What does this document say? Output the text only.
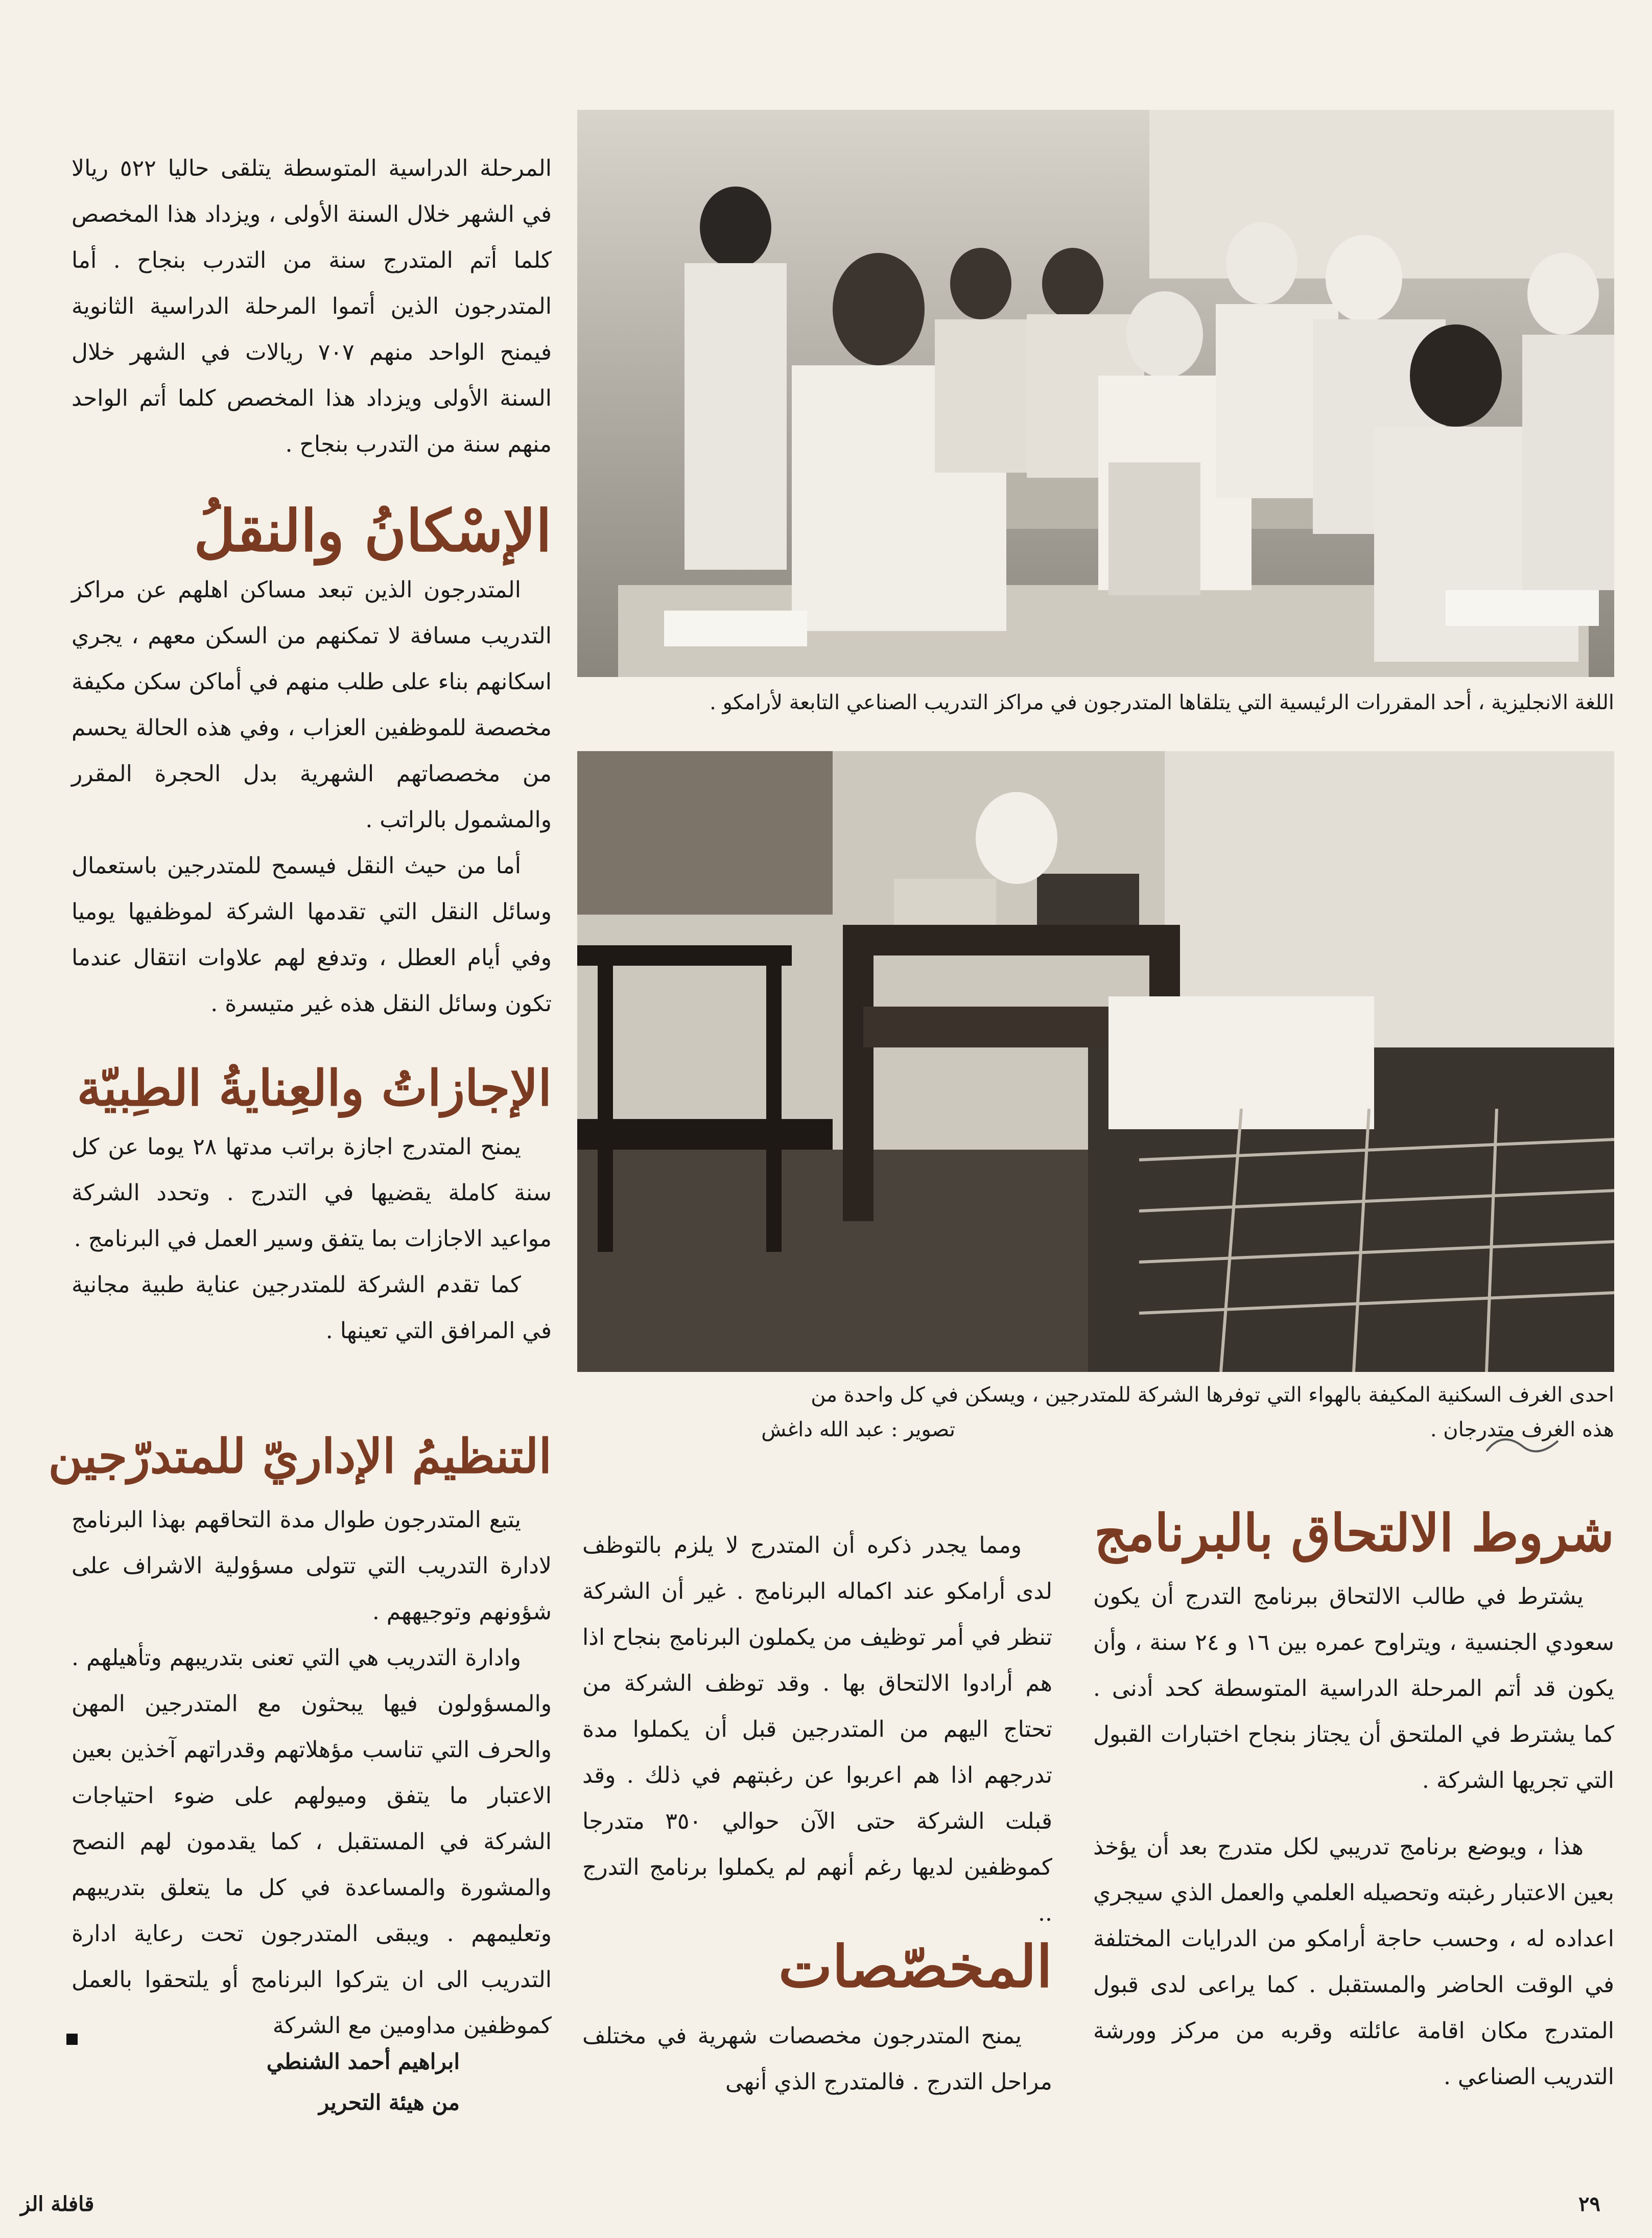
اللغة الانجليزية ، أحد المقررات الرئيسية التي يتلقاها المتدرجون في مراكز التدريب الصناعي التابعة لأرامكو .
احدى الغرف السكنية المكيفة بالهواء التي توفرها الشركة للمتدرجين ، ويسكن في كل واحدة من
هذه الغرف متدرجان .
تصوير : عبد الله داغش

المرحلة الدراسية المتوسطة يتلقى حاليا ٥٢٢ ريالا في الشهر خلال السنة الأولى ، ويزداد هذا المخصص كلما أتم المتدرج سنة من التدرب بنجاح . أما المتدرجون الذين أتموا المرحلة الدراسية الثانوية فيمنح الواحد منهم ٧٠٧ ريالات في الشهر خلال السنة الأولى ويزداد هذا المخصص كلما أتم الواحد منهم سنة من التدرب بنجاح .

الإسْكانُ والنقلُ

المتدرجون الذين تبعد مساكن اهلهم عن مراكز التدريب مسافة لا تمكنهم من السكن معهم ، يجري اسكانهم بناء على طلب منهم في أماكن سكن مكيفة مخصصة للموظفين العزاب ، وفي هذه الحالة يحسم من مخصصاتهم الشهرية بدل الحجرة المقرر والمشمول بالراتب .

أما من حيث النقل فيسمح للمتدرجين باستعمال وسائل النقل التي تقدمها الشركة لموظفيها يوميا وفي أيام العطل ، وتدفع لهم علاوات انتقال عندما تكون وسائل النقل هذه غير متيسرة .

الإجازاتُ والعِنايةُ الطِبيّة

يمنح المتدرج اجازة براتب مدتها ٢٨ يوما عن كل سنة كاملة يقضيها في التدرج . وتحدد الشركة مواعيد الاجازات بما يتفق وسير العمل في البرنامج .

كما تقدم الشركة للمتدرجين عناية طبية مجانية في المرافق التي تعينها .

التنظيمُ الإداريّ للمتدرّجين

يتبع المتدرجون طوال مدة التحاقهم بهذا البرنامج لادارة التدريب التي تتولى مسؤولية الاشراف على شؤونهم وتوجيههم .

وادارة التدريب هي التي تعنى بتدريبهم وتأهيلهم . والمسؤولون فيها يبحثون مع المتدرجين المهن والحرف التي تناسب مؤهلاتهم وقدراتهم آخذين بعين الاعتبار ما يتفق وميولهم على ضوء احتياجات الشركة في المستقبل ، كما يقدمون لهم النصح والمشورة والمساعدة في كل ما يتعلق بتدريبهم وتعليمهم . ويبقى المتدرجون تحت رعاية ادارة التدريب الى ان يتركوا البرنامج أو يلتحقوا بالعمل كموظفين مداومين مع الشركة

ابراهيم أحمد الشنطي
من هيئة التحرير

ومما يجدر ذكره أن المتدرج لا يلزم بالتوظف لدى أرامكو عند اكماله البرنامج . غير أن الشركة تنظر في أمر توظيف من يكملون البرنامج بنجاح اذا هم أرادوا الالتحاق بها . وقد توظف الشركة من تحتاج اليهم من المتدرجين قبل أن يكملوا مدة تدرجهم اذا هم اعربوا عن رغبتهم في ذلك . وقد قبلت الشركة حتى الآن حوالي ٣٥٠ متدرجا كموظفين لديها رغم أنهم لم يكملوا برنامج التدرج ..

المخصّصات

يمنح المتدرجون مخصصات شهرية في مختلف مراحل التدرج . فالمتدرج الذي أنهى

شروط الالتحاق بالبرنامج

يشترط في طالب الالتحاق ببرنامج التدرج أن يكون سعودي الجنسية ، ويتراوح عمره بين ١٦ و ٢٤ سنة ، وأن يكون قد أتم المرحلة الدراسية المتوسطة كحد أدنى . كما يشترط في الملتحق أن يجتاز بنجاح اختبارات القبول التي تجريها الشركة .

هذا ، ويوضع برنامج تدريبي لكل متدرج بعد أن يؤخذ بعين الاعتبار رغبته وتحصيله العلمي والعمل الذي سيجري اعداده له ، وحسب حاجة أرامكو من الدرايات المختلفة في الوقت الحاضر والمستقبل . كما يراعى لدى قبول المتدرج مكان اقامة عائلته وقربه من مركز وورشة التدريب الصناعي .

٢٩
قافلة الز
